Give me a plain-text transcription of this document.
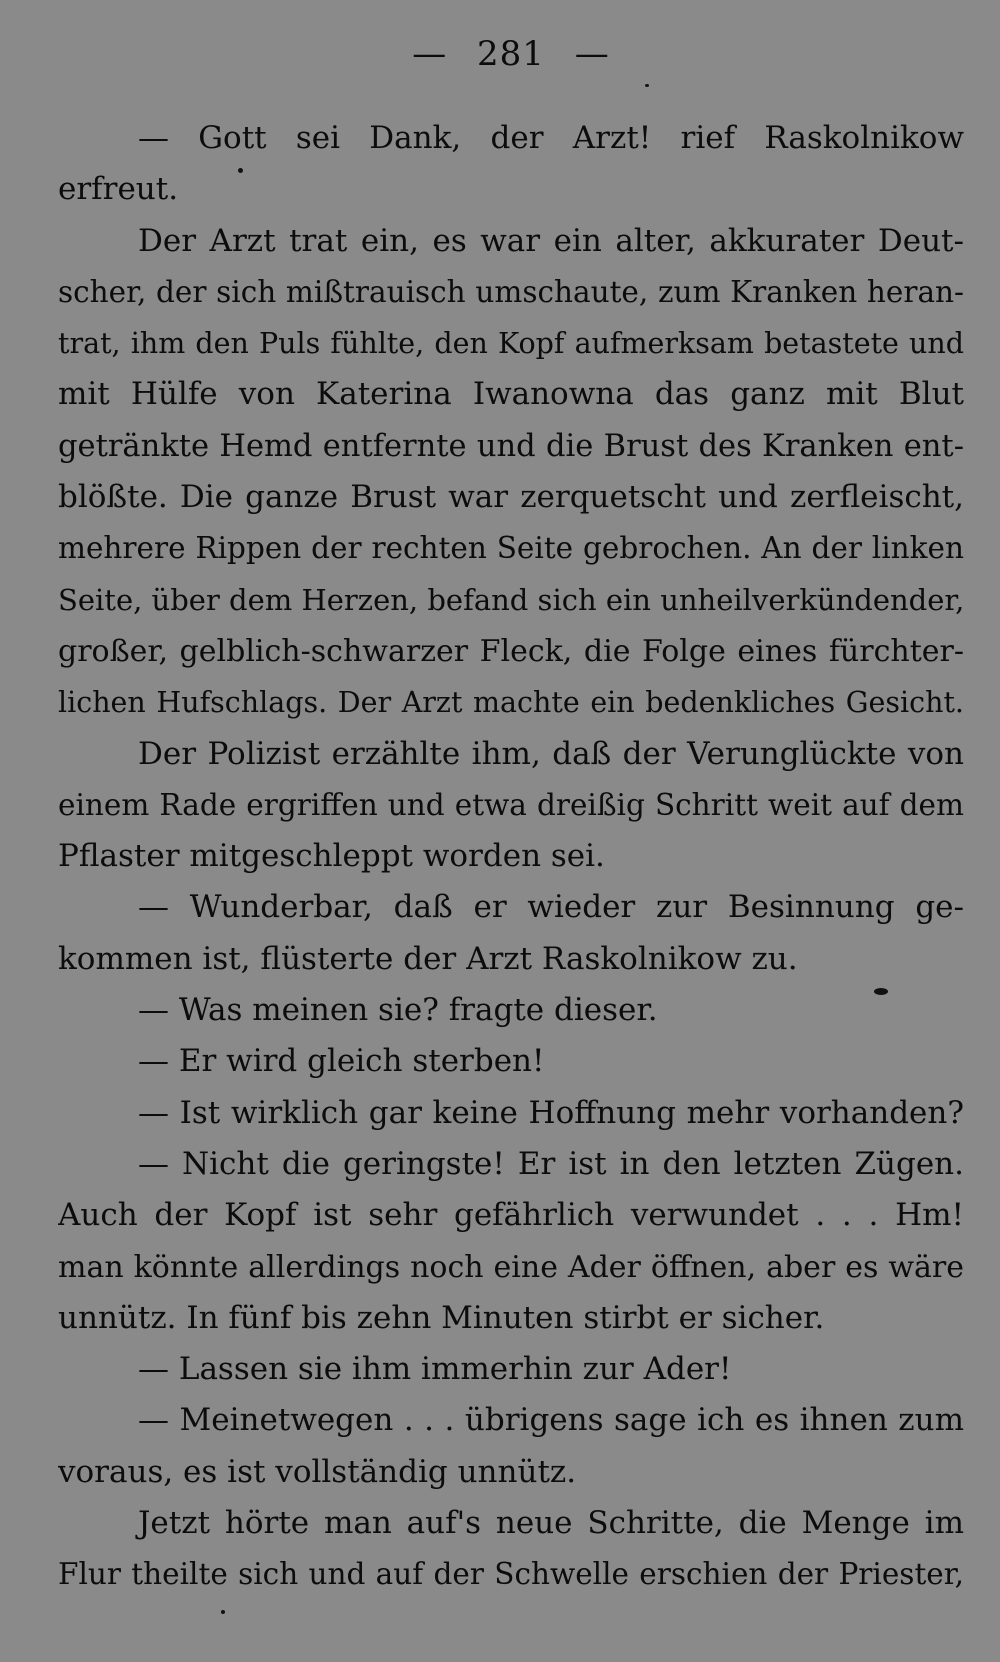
— 281 —
— Gott sei Dank, der Arzt! rief Raskolnikow
erfreut.
Der Arzt trat ein, es war ein alter, akkurater Deut-
scher, der sich mißtrauisch umschaute, zum Kranken heran-
trat, ihm den Puls fühlte, den Kopf aufmerksam betastete und
mit Hülfe von Katerina Iwanowna das ganz mit Blut
getränkte Hemd entfernte und die Brust des Kranken ent-
blößte. Die ganze Brust war zerquetscht und zerfleischt,
mehrere Rippen der rechten Seite gebrochen. An der linken
Seite, über dem Herzen, befand sich ein unheilverkündender,
großer, gelblich-schwarzer Fleck, die Folge eines fürchter-
lichen Hufschlags. Der Arzt machte ein bedenkliches Gesicht.
Der Polizist erzählte ihm, daß der Verunglückte von
einem Rade ergriffen und etwa dreißig Schritt weit auf dem
Pflaster mitgeschleppt worden sei.
— Wunderbar, daß er wieder zur Besinnung ge-
kommen ist, flüsterte der Arzt Raskolnikow zu.
— Was meinen sie? fragte dieser.
— Er wird gleich sterben!
— Ist wirklich gar keine Hoffnung mehr vorhanden?
— Nicht die geringste! Er ist in den letzten Zügen.
Auch der Kopf ist sehr gefährlich verwundet . . . Hm!
man könnte allerdings noch eine Ader öffnen, aber es wäre
unnütz. In fünf bis zehn Minuten stirbt er sicher.
— Lassen sie ihm immerhin zur Ader!
— Meinetwegen . . . übrigens sage ich es ihnen zum
voraus, es ist vollständig unnütz.
Jetzt hörte man auf's neue Schritte, die Menge im
Flur theilte sich und auf der Schwelle erschien der Priester,
